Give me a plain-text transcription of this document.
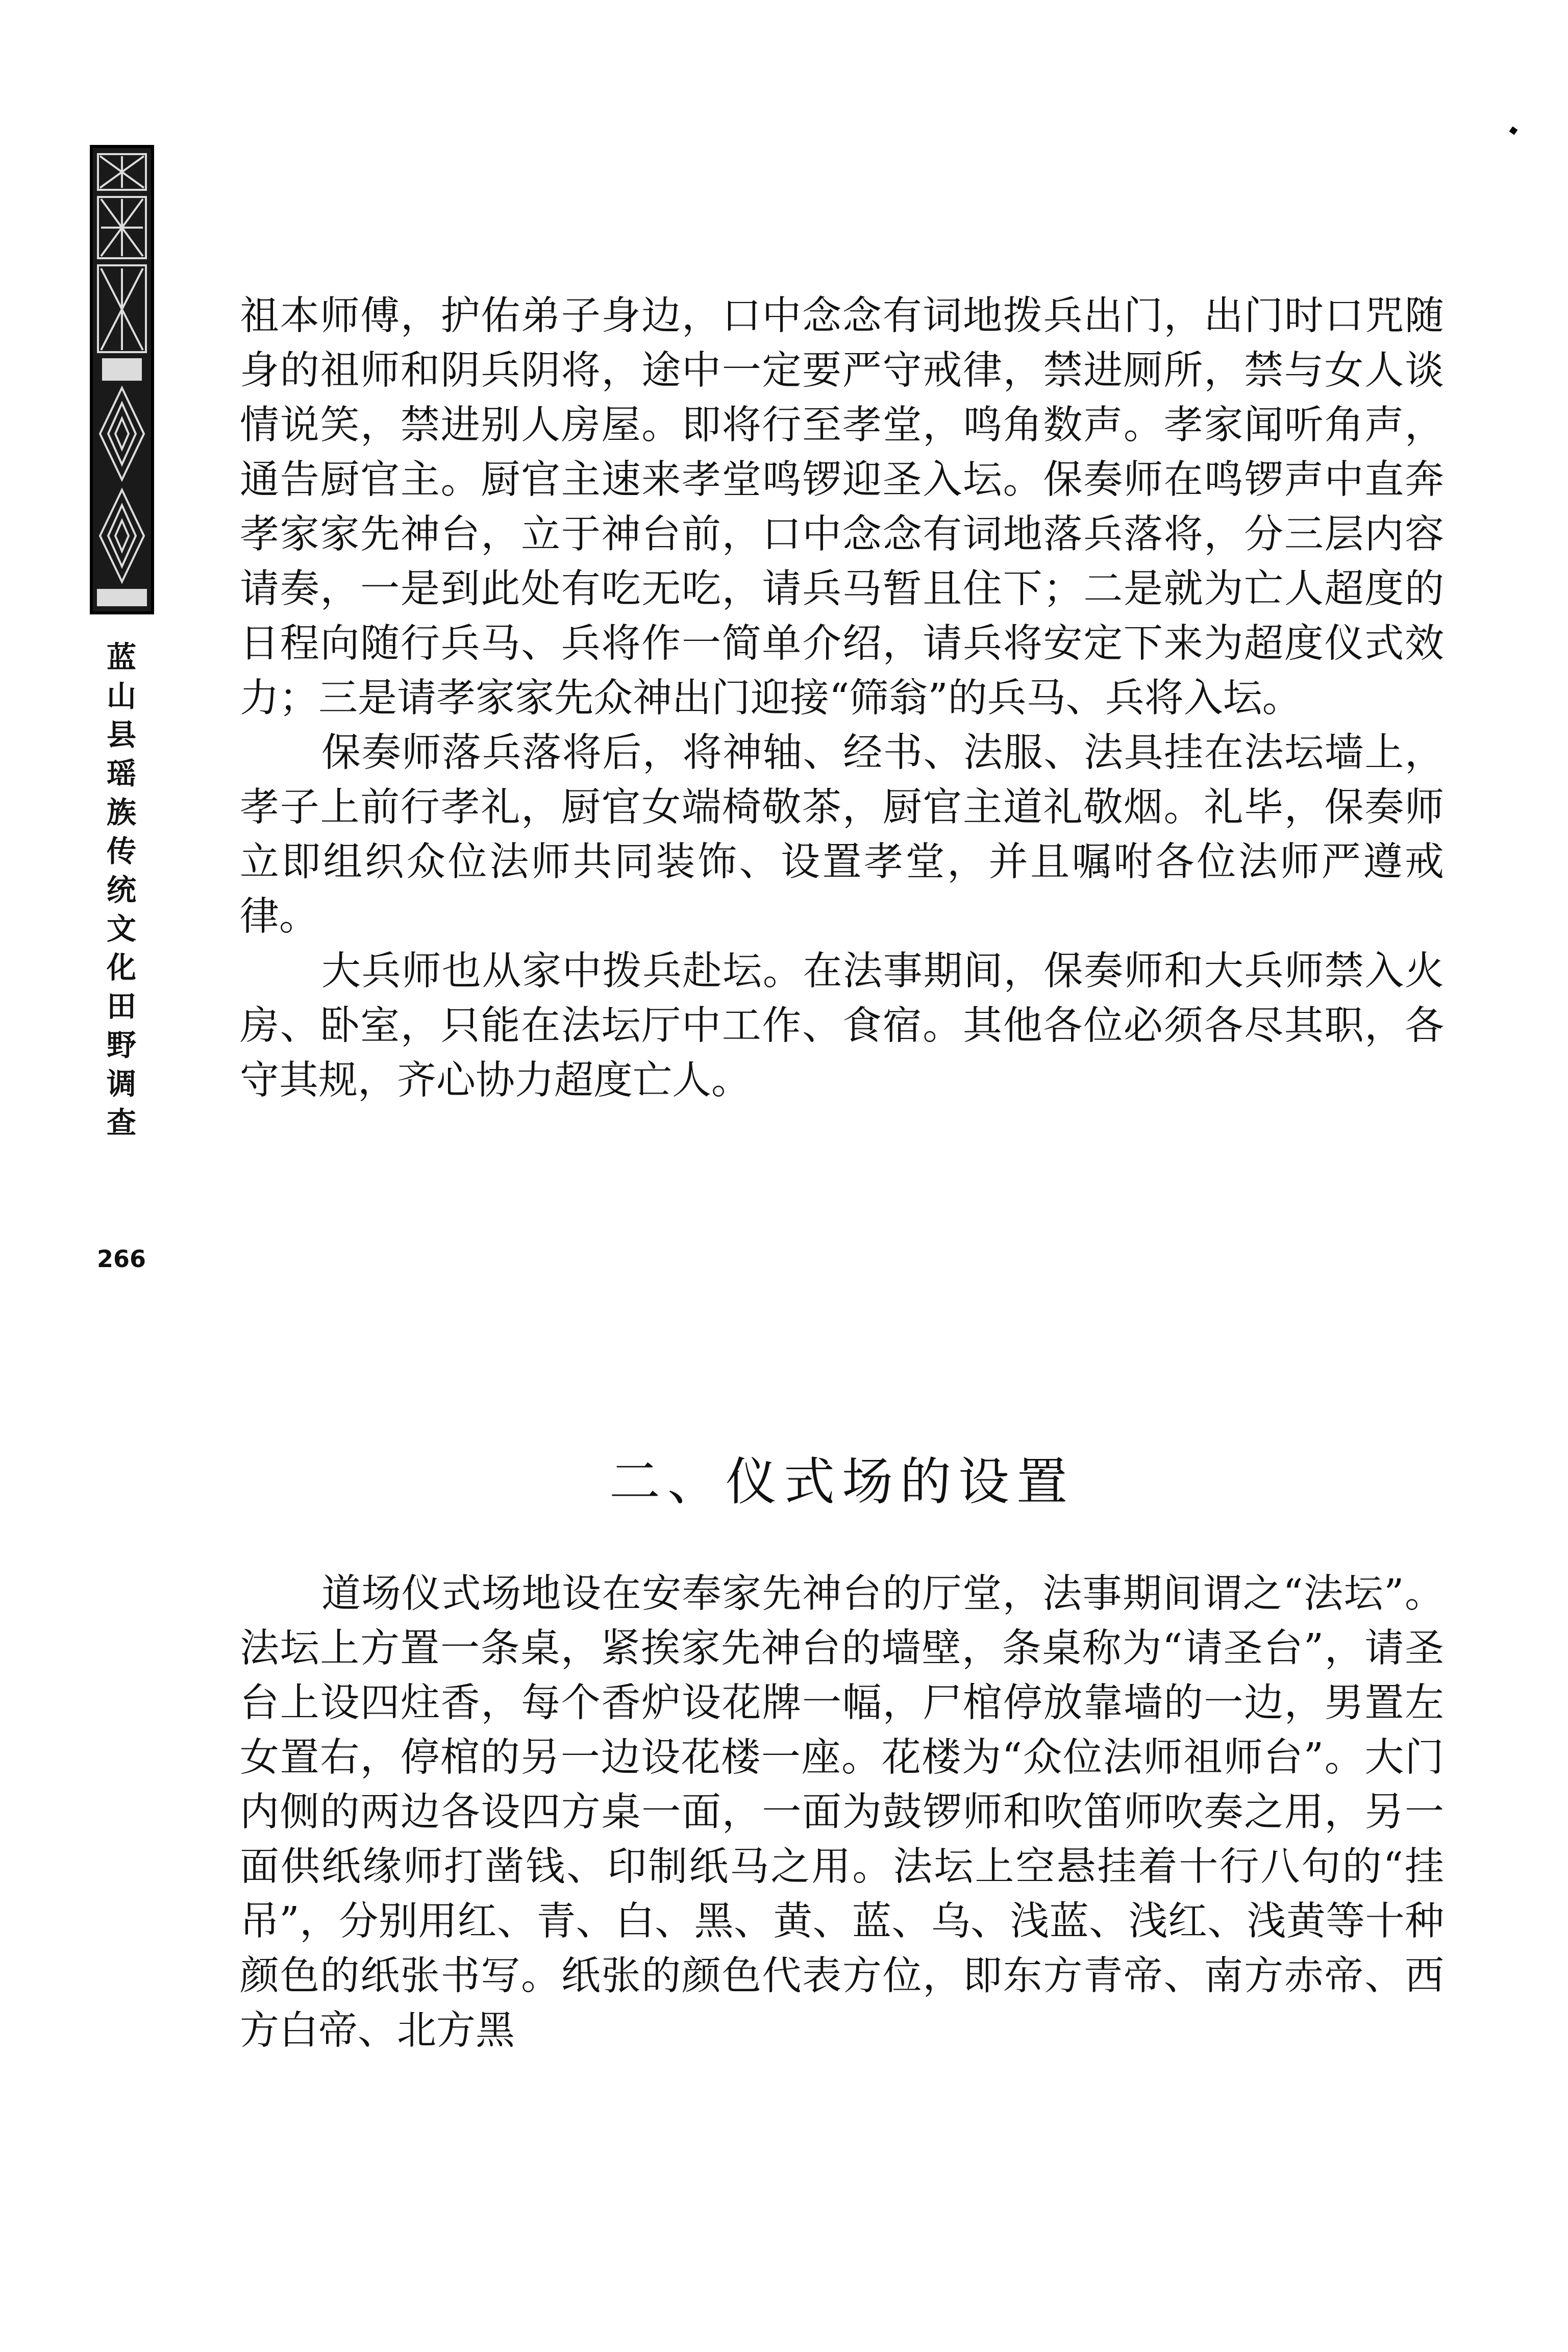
蓝
山
县
瑶
族
传
统
文
化
田
野
调
查
266

祖本师傅，护佑弟子身边，口中念念有词地拨兵出门，出门时口咒随身的祖师和阴兵阴将，途中一定要严守戒律，禁进厕所，禁与女人谈情说笑，禁进别人房屋。即将行至孝堂，鸣角数声。孝家闻听角声，通告厨官主。厨官主速来孝堂鸣锣迎圣入坛。保奏师在鸣锣声中直奔孝家家先神台，立于神台前，口中念念有词地落兵落将，分三层内容请奏，一是到此处有吃无吃，请兵马暂且住下；二是就为亡人超度的日程向随行兵马、兵将作一简单介绍，请兵将安定下来为超度仪式效力；三是请孝家家先众神出门迎接“筛翁”的兵马、兵将入坛。

保奏师落兵落将后，将神轴、经书、法服、法具挂在法坛墙上，孝子上前行孝礼，厨官女端椅敬茶，厨官主道礼敬烟。礼毕，保奏师立即组织众位法师共同装饰、设置孝堂，并且嘱咐各位法师严遵戒律。

大兵师也从家中拨兵赴坛。在法事期间，保奏师和大兵师禁入火房、卧室，只能在法坛厅中工作、食宿。其他各位必须各尽其职，各守其规，齐心协力超度亡人。

二、仪式场的设置

道场仪式场地设在安奉家先神台的厅堂，法事期间谓之“法坛”。法坛上方置一条桌，紧挨家先神台的墙壁，条桌称为“请圣台”，请圣台上设四炷香，每个香炉设花牌一幅，尸棺停放靠墙的一边，男置左女置右，停棺的另一边设花楼一座。花楼为“众位法师祖师台”。大门内侧的两边各设四方桌一面，一面为鼓锣师和吹笛师吹奏之用，另一面供纸缘师打凿钱、印制纸马之用。法坛上空悬挂着十行八句的“挂吊”，分别用红、青、白、黑、黄、蓝、乌、浅蓝、浅红、浅黄等十种颜色的纸张书写。纸张的颜色代表方位，即东方青帝、南方赤帝、西方白帝、北方黑
